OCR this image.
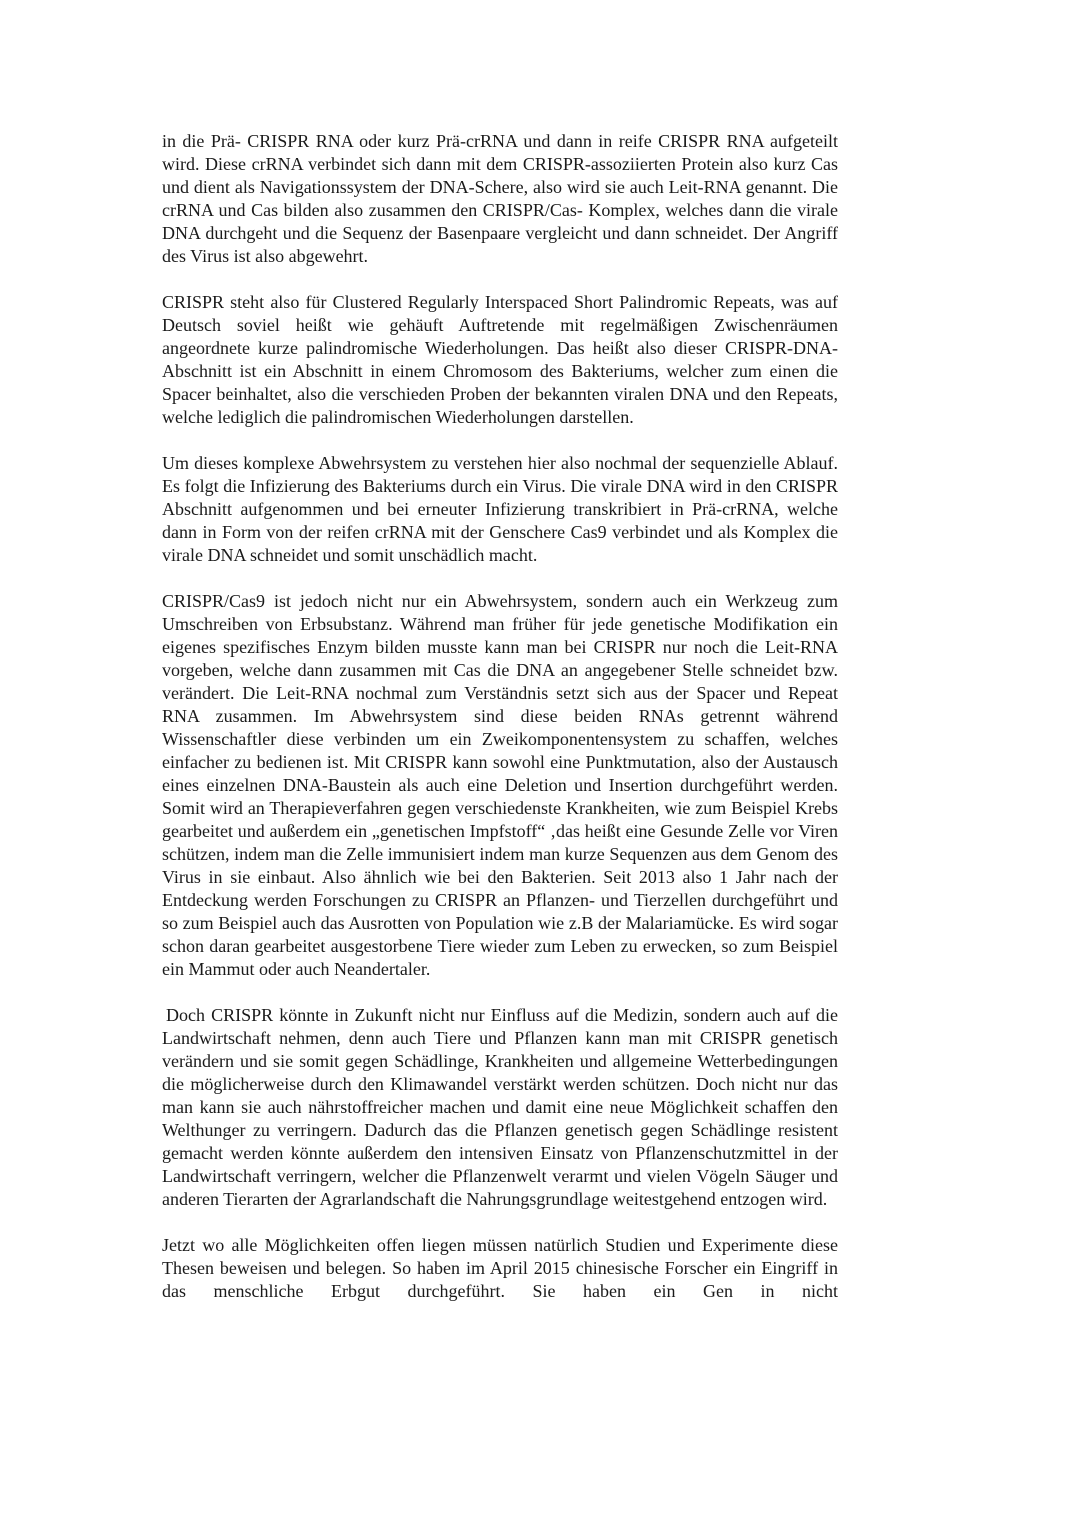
in die Prä- CRISPR RNA oder kurz Prä-crRNA und dann in reife CRISPR RNA aufgeteilt wird. Diese crRNA verbindet sich dann mit dem CRISPR-assoziierten Protein also kurz Cas und dient als Navigationssystem der DNA-Schere, also wird sie auch Leit-RNA genannt. Die crRNA und Cas bilden also zusammen den CRISPR/Cas- Komplex, welches dann die virale DNA durchgeht und die Sequenz der Basenpaare vergleicht und dann schneidet. Der Angriff des Virus ist also abgewehrt.

CRISPR steht also für Clustered Regularly Interspaced Short Palindromic Repeats, was auf Deutsch soviel heißt wie gehäuft Auftretende mit regelmäßigen Zwischenräumen angeordnete kurze palindromische Wiederholungen. Das heißt also dieser CRISPR-DNA-Abschnitt ist ein Abschnitt in einem Chromosom des Bakteriums, welcher zum einen die Spacer beinhaltet, also die verschieden Proben der bekannten viralen DNA und den Repeats, welche lediglich die palindromischen Wiederholungen darstellen.

Um dieses komplexe Abwehrsystem zu verstehen hier also nochmal der sequenzielle Ablauf. Es folgt die Infizierung des Bakteriums durch ein Virus. Die virale DNA wird in den CRISPR Abschnitt aufgenommen und bei erneuter Infizierung transkribiert in Prä-crRNA, welche dann in Form von der reifen crRNA mit der Genschere Cas9 verbindet und als Komplex die virale DNA schneidet und somit unschädlich macht.

CRISPR/Cas9 ist jedoch nicht nur ein Abwehrsystem, sondern auch ein Werkzeug zum Umschreiben von Erbsubstanz. Während man früher für jede genetische Modifikation ein eigenes spezifisches Enzym bilden musste kann man bei CRISPR nur noch die Leit-RNA vorgeben, welche dann zusammen mit Cas die DNA an angegebener Stelle schneidet bzw. verändert. Die Leit-RNA nochmal zum Verständnis setzt sich aus der Spacer und Repeat RNA zusammen. Im Abwehrsystem sind diese beiden RNAs getrennt während Wissenschaftler diese verbinden um ein Zweikomponentensystem zu schaffen, welches einfacher zu bedienen ist. Mit CRISPR kann sowohl eine Punktmutation, also der Austausch eines einzelnen DNA-Baustein als auch eine Deletion und Insertion durchgeführt werden. Somit wird an Therapieverfahren gegen verschiedenste Krankheiten, wie zum Beispiel Krebs gearbeitet und außerdem ein „genetischen Impfstoff“ ‚das heißt eine Gesunde Zelle vor Viren schützen, indem man die Zelle immunisiert indem man kurze Sequenzen aus dem Genom des Virus in sie einbaut. Also ähnlich wie bei den Bakterien. Seit 2013 also 1 Jahr nach der Entdeckung werden Forschungen zu CRISPR an Pflanzen- und Tierzellen durchgeführt und so zum Beispiel auch das Ausrotten von Population wie z.B der Malariamücke. Es wird sogar schon daran gearbeitet ausgestorbene Tiere wieder zum Leben zu erwecken, so zum Beispiel ein Mammut oder auch Neandertaler.

Doch CRISPR könnte in Zukunft nicht nur Einfluss auf die Medizin, sondern auch auf die Landwirtschaft nehmen, denn auch Tiere und Pflanzen kann man mit CRISPR genetisch verändern und sie somit gegen Schädlinge, Krankheiten und allgemeine Wetterbedingungen die möglicherweise durch den Klimawandel verstärkt werden schützen. Doch nicht nur das man kann sie auch nährstoffreicher machen und damit eine neue Möglichkeit schaffen den Welthunger zu verringern. Dadurch das die Pflanzen genetisch gegen Schädlinge resistent gemacht werden könnte außerdem den intensiven Einsatz von Pflanzenschutzmittel in der Landwirtschaft verringern, welcher die Pflanzenwelt verarmt und vielen Vögeln Säuger und anderen Tierarten der Agrarlandschaft die Nahrungsgrundlage weitestgehend entzogen wird.

Jetzt wo alle Möglichkeiten offen liegen müssen natürlich Studien und Experimente diese Thesen beweisen und belegen. So haben im April 2015 chinesische Forscher ein Eingriff in das menschliche Erbgut durchgeführt. Sie haben ein Gen in nicht
